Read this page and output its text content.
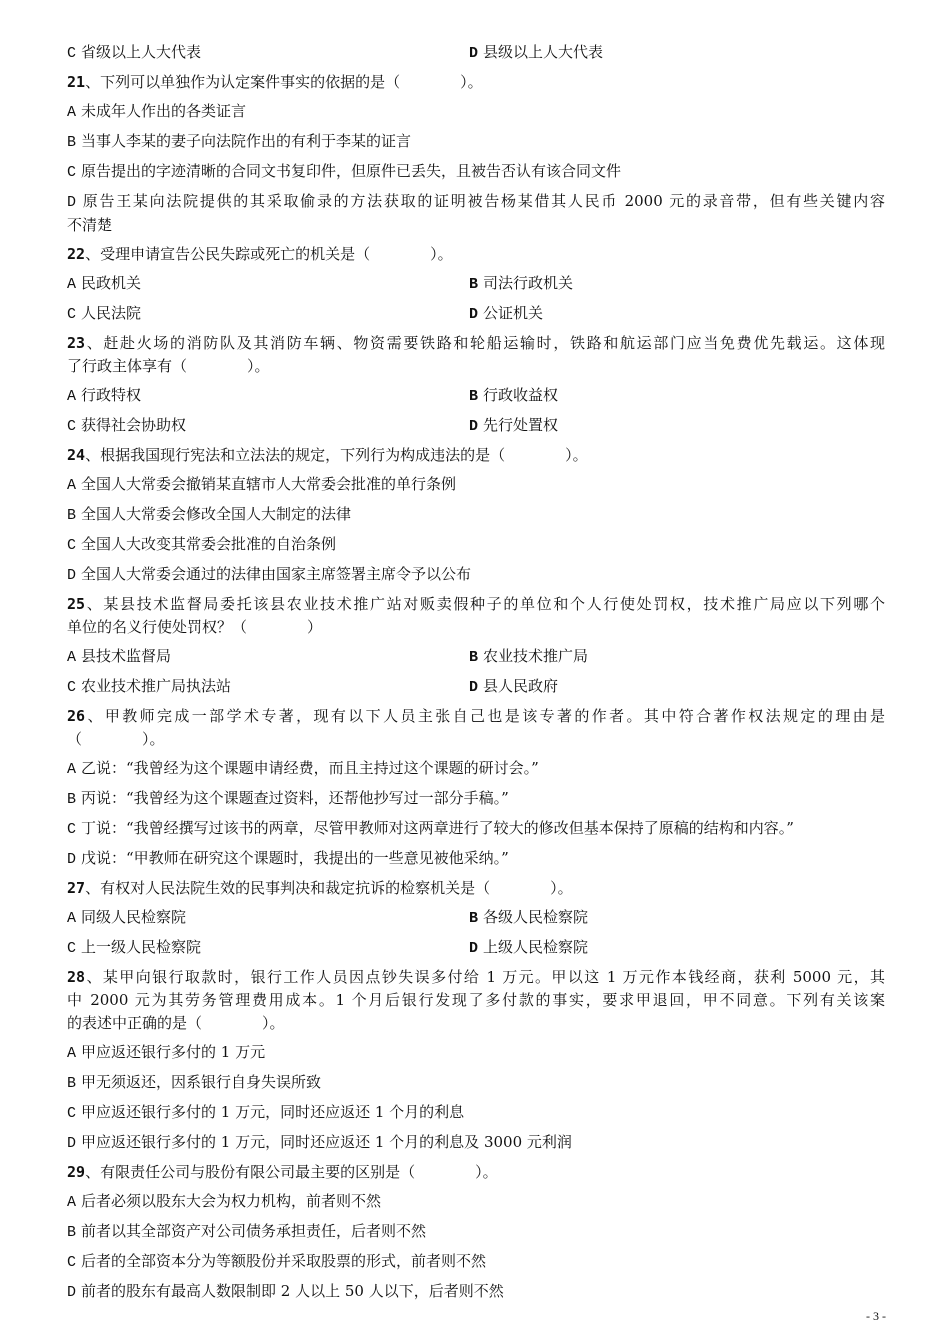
C 省级以上人大代表	D 县级以上人大代表
21、下列可以单独作为认定案件事实的依据的是（　　　　）。
A 未成年人作出的各类证言
B 当事人李某的妻子向法院作出的有利于李某的证言
C 原告提出的字迹清晰的合同文书复印件，但原件已丢失，且被告否认有该合同文件
D 原告王某向法院提供的其采取偷录的方法获取的证明被告杨某借其人民币 2000 元的录音带，但有些关键内容
不清楚
22、受理申请宣告公民失踪或死亡的机关是（　　　　）。
A 民政机关	B 司法行政机关
C 人民法院	D 公证机关
23、赶赴火场的消防队及其消防车辆、物资需要铁路和轮船运输时，铁路和航运部门应当免费优先载运。这体现
了行政主体享有（　　　　）。
A 行政特权	B 行政收益权
C 获得社会协助权	D 先行处置权
24、根据我国现行宪法和立法法的规定，下列行为构成违法的是（　　　　）。
A 全国人大常委会撤销某直辖市人大常委会批准的单行条例
B 全国人大常委会修改全国人大制定的法律
C 全国人大改变其常委会批准的自治条例
D 全国人大常委会通过的法律由国家主席签署主席令予以公布
25、某县技术监督局委托该县农业技术推广站对贩卖假种子的单位和个人行使处罚权，技术推广局应以下列哪个
单位的名义行使处罚权？（　　　　）
A 县技术监督局	B 农业技术推广局
C 农业技术推广局执法站	D 县人民政府
26、甲教师完成一部学术专著，现有以下人员主张自己也是该专著的作者。其中符合著作权法规定的理由是
（　　　　）。
A 乙说：“我曾经为这个课题申请经费，而且主持过这个课题的研讨会。”
B 丙说：“我曾经为这个课题查过资料，还帮他抄写过一部分手稿。”
C 丁说：“我曾经撰写过该书的两章，尽管甲教师对这两章进行了较大的修改但基本保持了原稿的结构和内容。”
D 戊说：“甲教师在研究这个课题时，我提出的一些意见被他采纳。”
27、有权对人民法院生效的民事判决和裁定抗诉的检察机关是（　　　　）。
A 同级人民检察院	B 各级人民检察院
C 上一级人民检察院	D 上级人民检察院
28、某甲向银行取款时，银行工作人员因点钞失误多付给 1 万元。甲以这 1 万元作本钱经商，获利 5000 元，其
中 2000 元为其劳务管理费用成本。1 个月后银行发现了多付款的事实，要求甲退回，甲不同意。下列有关该案
的表述中正确的是（　　　　）。
A 甲应返还银行多付的 1 万元
B 甲无须返还，因系银行自身失误所致
C 甲应返还银行多付的 1 万元，同时还应返还 1 个月的利息
D 甲应返还银行多付的 1 万元，同时还应返还 1 个月的利息及 3000 元利润
29、有限责任公司与股份有限公司最主要的区别是（　　　　）。
A 后者必须以股东大会为权力机构，前者则不然
B 前者以其全部资产对公司债务承担责任，后者则不然
C 后者的全部资本分为等额股份并采取股票的形式，前者则不然
D 前者的股东有最高人数限制即 2 人以上 50 人以下，后者则不然
- 3 -
